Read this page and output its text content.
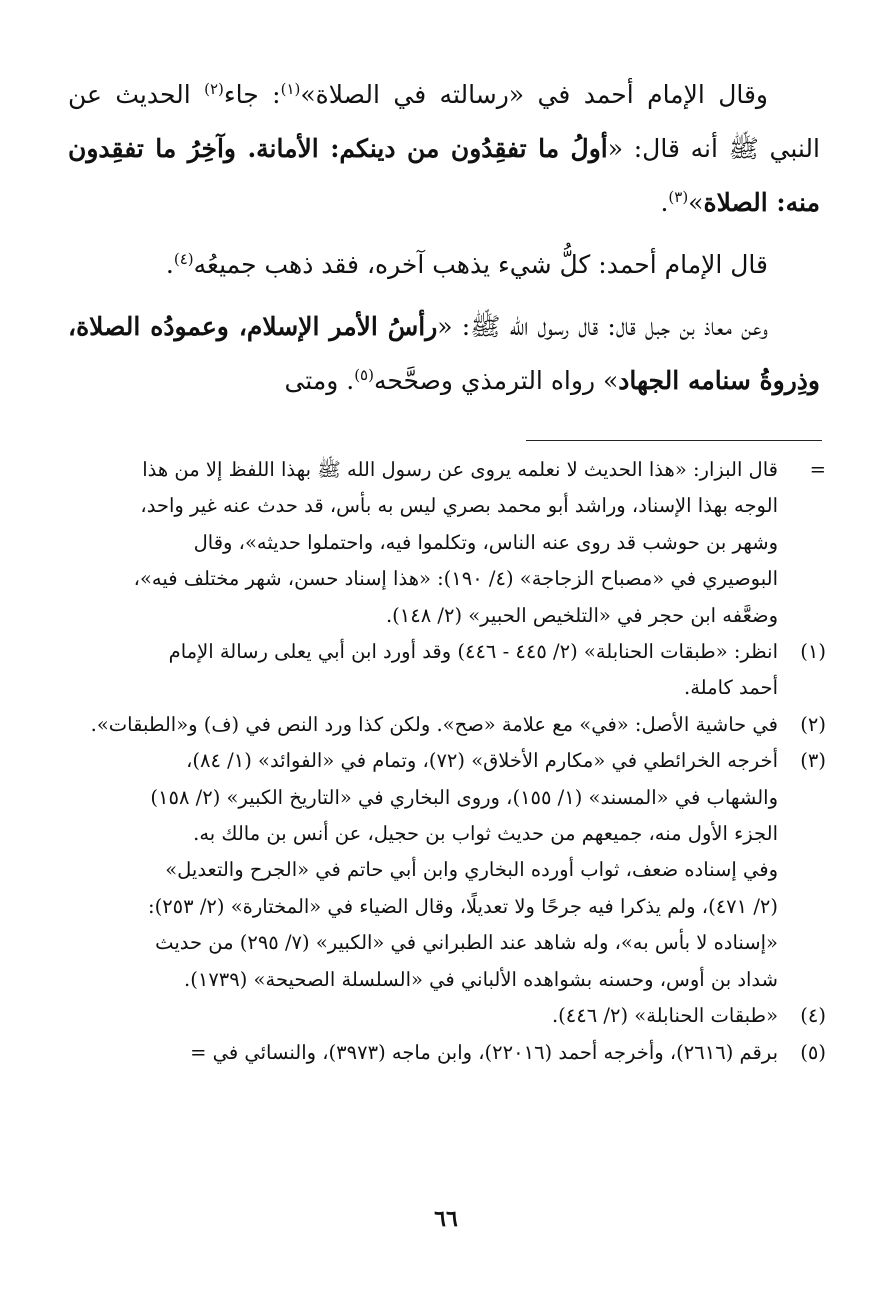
وقال الإمام أحمد في «رسالته في الصلاة»$^{(١)}$: جاء$^{(٢)}$ الحديث عن النبي ﷺ أنه قال: «أولُ ما تفقِدُون من دينكم: الأمانة. وآخِرُ ما تفقِدون منه: الصلاة»$^{(٣)}$.

قال الإمام أحمد: كلُّ شيء يذهب آخره، فقد ذهب جميعُه$^{(٤)}$.

وعن معاذ بن جبل قال: قال رسول الله ﷺ: «رأسُ الأمر الإسلام، وعمودُه الصلاة، وذِروةُ سنامه الجهاد» رواه الترمذي وصحَّحه$^{(٥)}$. ومتى

=
قال البزار: «هذا الحديث لا نعلمه يروى عن رسول الله ﷺ بهذا اللفظ إلا من هذا
الوجه بهذا الإسناد، وراشد أبو محمد بصري ليس به بأس، قد حدث عنه غير واحد،
وشهر بن حوشب قد روى عنه الناس، وتكلموا فيه، واحتملوا حديثه»، وقال
البوصيري في «مصباح الزجاجة» (٤/ ١٩٠): «هذا إسناد حسن، شهر مختلف فيه»،
وضعَّفه ابن حجر في «التلخيص الحبير» (٢/ ١٤٨).
(١)
انظر: «طبقات الحنابلة» (٢/ ٤٤٥ - ٤٤٦) وقد أورد ابن أبي يعلى رسالة الإمام
أحمد كاملة.
(٢)
في حاشية الأصل: «في» مع علامة «صح». ولكن كذا ورد النص في (ف) و«الطبقات».
(٣)
أخرجه الخرائطي في «مكارم الأخلاق» (٧٢)، وتمام في «الفوائد» (١/ ٨٤)،
والشهاب في «المسند» (١/ ١٥٥)، وروى البخاري في «التاريخ الكبير» (٢/ ١٥٨)
الجزء الأول منه، جميعهم من حديث ثواب بن حجيل، عن أنس بن مالك به.
وفي إسناده ضعف، ثواب أورده البخاري وابن أبي حاتم في «الجرح والتعديل»
(٢/ ٤٧١)، ولم يذكرا فيه جرحًا ولا تعديلًا، وقال الضياء في «المختارة» (٢/ ٢٥٣):
«إسناده لا بأس به»، وله شاهد عند الطبراني في «الكبير» (٧/ ٢٩٥) من حديث
شداد بن أوس، وحسنه بشواهده الألباني في «السلسلة الصحيحة» (١٧٣٩).
(٤)
«طبقات الحنابلة» (٢/ ٤٤٦).
(٥)
برقم (٢٦١٦)، وأخرجه أحمد (٢٢٠١٦)، وابن ماجه (٣٩٧٣)، والنسائي في =
٦٦
